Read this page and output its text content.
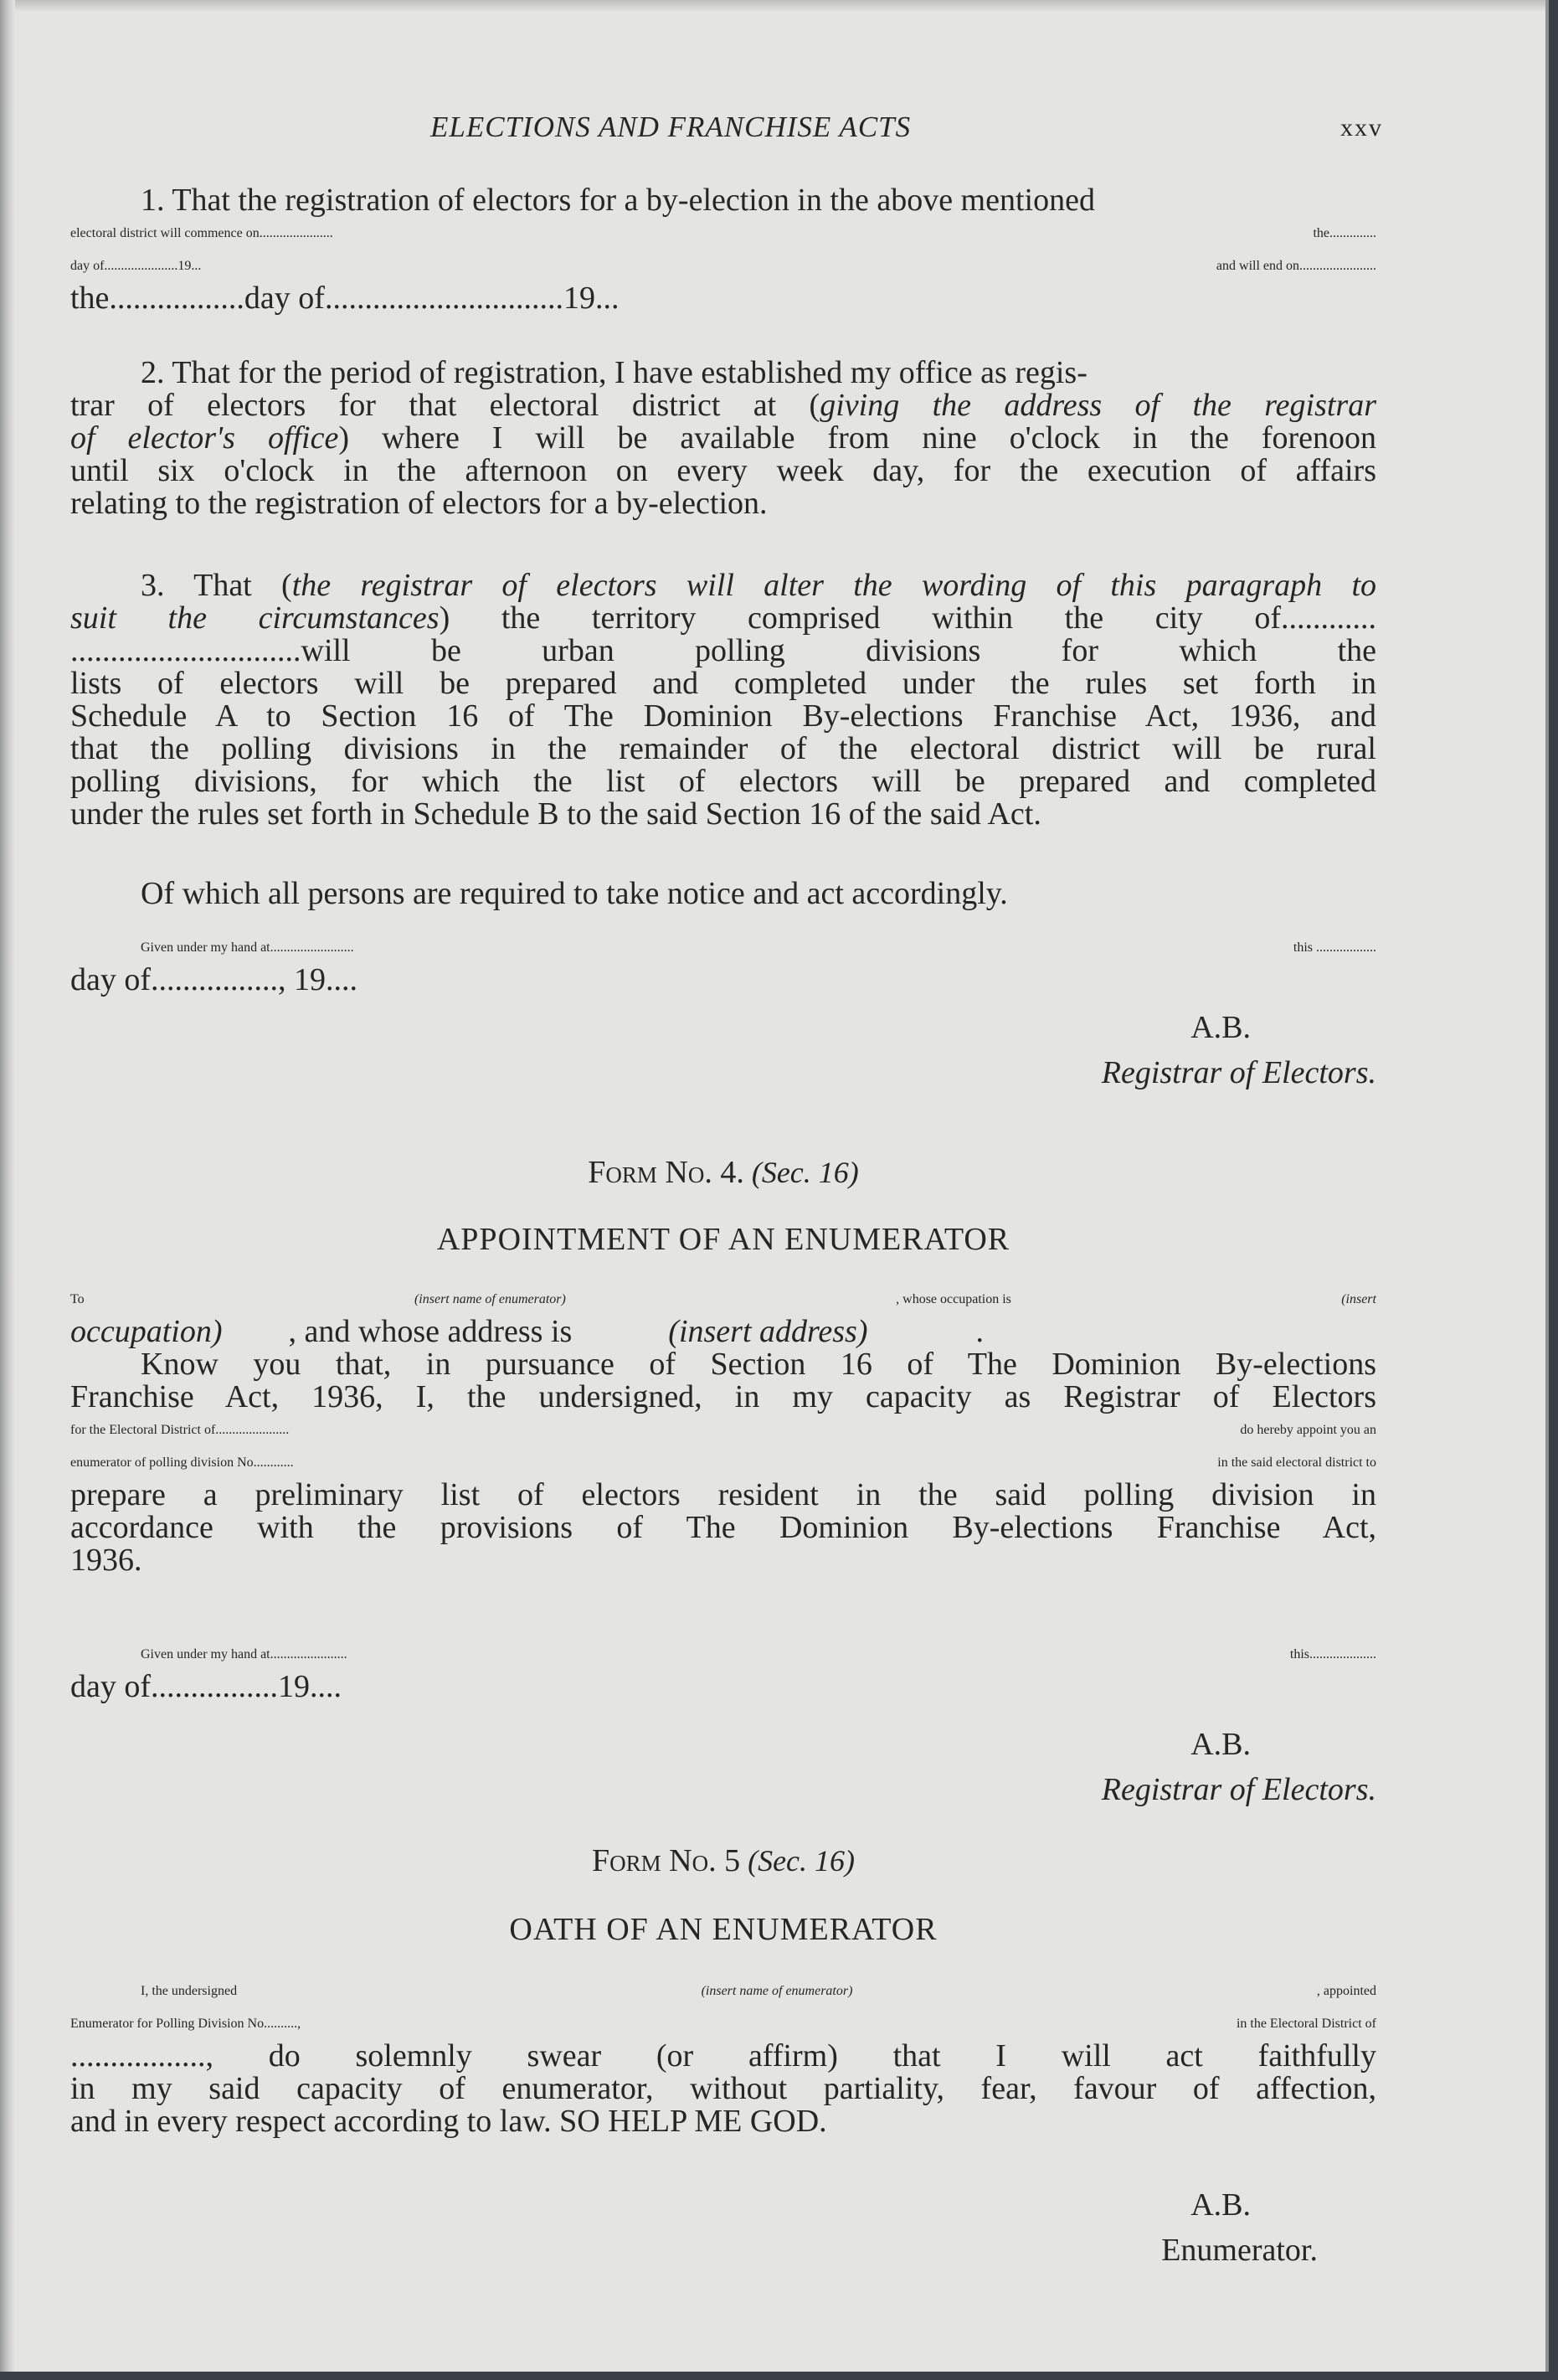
ELECTIONS AND FRANCHISE ACTS	xxv
1. That the registration of electors for a by-election in the above mentioned
electoral district will commence on......................	the..............
day of......................19...	and will end on.......................
the.................day of..............................19...
2. That for the period of registration, I have established my office as regis-
trar of electors for that electoral district at (giving the address of the registrar
of elector's office) where I will be available from nine o'clock in the forenoon
until six o'clock in the afternoon on every week day, for the execution of affairs
relating to the registration of electors for a by-election.
3. That (the registrar of electors will alter the wording of this paragraph to
suit the circumstances) the territory comprised within the city of............
.............................will be urban polling divisions for which the
lists of electors will be prepared and completed under the rules set forth in
Schedule A to Section 16 of The Dominion By-elections Franchise Act, 1936, and
that the polling divisions in the remainder of the electoral district will be rural
polling divisions, for which the list of electors will be prepared and completed
under the rules set forth in Schedule B to the said Section 16 of the said Act.
Of which all persons are required to take notice and act accordingly.
Given under my hand at.........................	this ..................
day of................, 19....
A.B.
Registrar of Electors.
Form No. 4. (Sec. 16)
APPOINTMENT OF AN ENUMERATOR
To	(insert name of enumerator)	, whose occupation is	(insert
occupation) , and whose address is	(insert address)	.
Know you that, in pursuance of Section 16 of The Dominion By-elections
Franchise Act, 1936, I, the undersigned, in my capacity as Registrar of Electors
for the Electoral District of......................	do hereby appoint you an
enumerator of polling division No............	in the said electoral district to
prepare a preliminary list of electors resident in the said polling division in
accordance with the provisions of The Dominion By-elections Franchise Act,
1936.
Given under my hand at.......................	this....................
day of................19....
A.B.
Registrar of Electors.
Form No. 5 (Sec. 16)
OATH OF AN ENUMERATOR
I, the undersigned	(insert name of enumerator)	, appointed
Enumerator for Polling Division No..........,	in the Electoral District of
................., do solemnly swear (or affirm) that I will act faithfully
in my said capacity of enumerator, without partiality, fear, favour of affection,
and in every respect according to law. SO HELP ME GOD.
A.B.
Enumerator.
